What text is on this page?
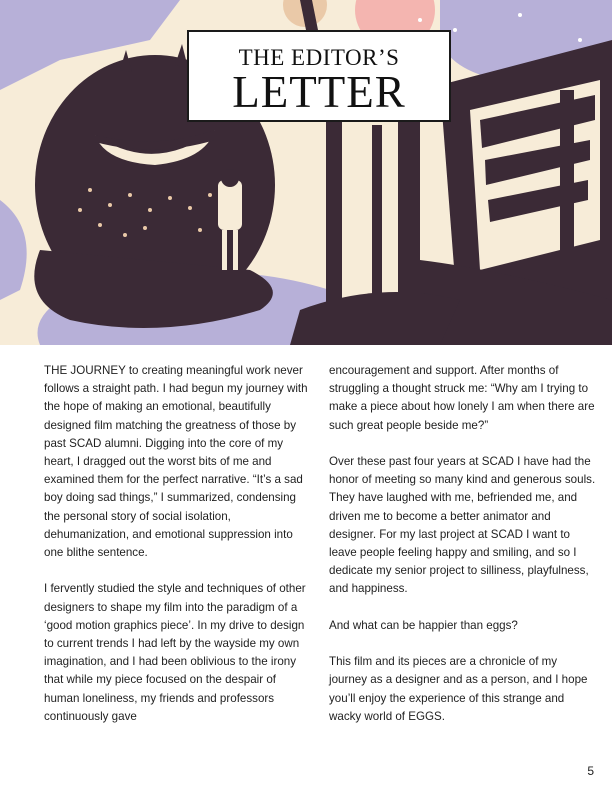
THE EDITOR’S
LETTER

THE JOURNEY to creating meaningful work never follows a straight path. I had begun my journey with the hope of making an emotional, beautifully designed film matching the greatness of those by past SCAD alumni. Digging into the core of my heart, I dragged out the worst bits of me and examined them for the perfect narrative. “It’s a sad boy doing sad things,” I summarized, condensing the personal story of social isolation, dehumanization, and emotional suppression into one blithe sentence.

I fervently studied the style and techniques of other designers to shape my film into the paradigm of a ‘good motion graphics piece’. In my drive to design to current trends I had left by the wayside my own imagination, and I had been oblivious to the irony that while my piece focused on the despair of human loneliness, my friends and professors continuously gave

encouragement and support. After months of struggling a thought struck me: “Why am I trying to make a piece about how lonely I am when there are such great people beside me?”

Over these past four years at SCAD I have had the honor of meeting so many kind and generous souls. They have laughed with me, befriended me, and driven me to become a better animator and designer. For my last project at SCAD I want to leave people feeling happy and smiling, and so I dedicate my senior project to silliness, playfulness, and happiness.

And what can be happier than eggs?

This film and its pieces are a chronicle of my journey as a designer and as a person, and I hope you’ll enjoy the experience of this strange and wacky world of EGGS.

5
